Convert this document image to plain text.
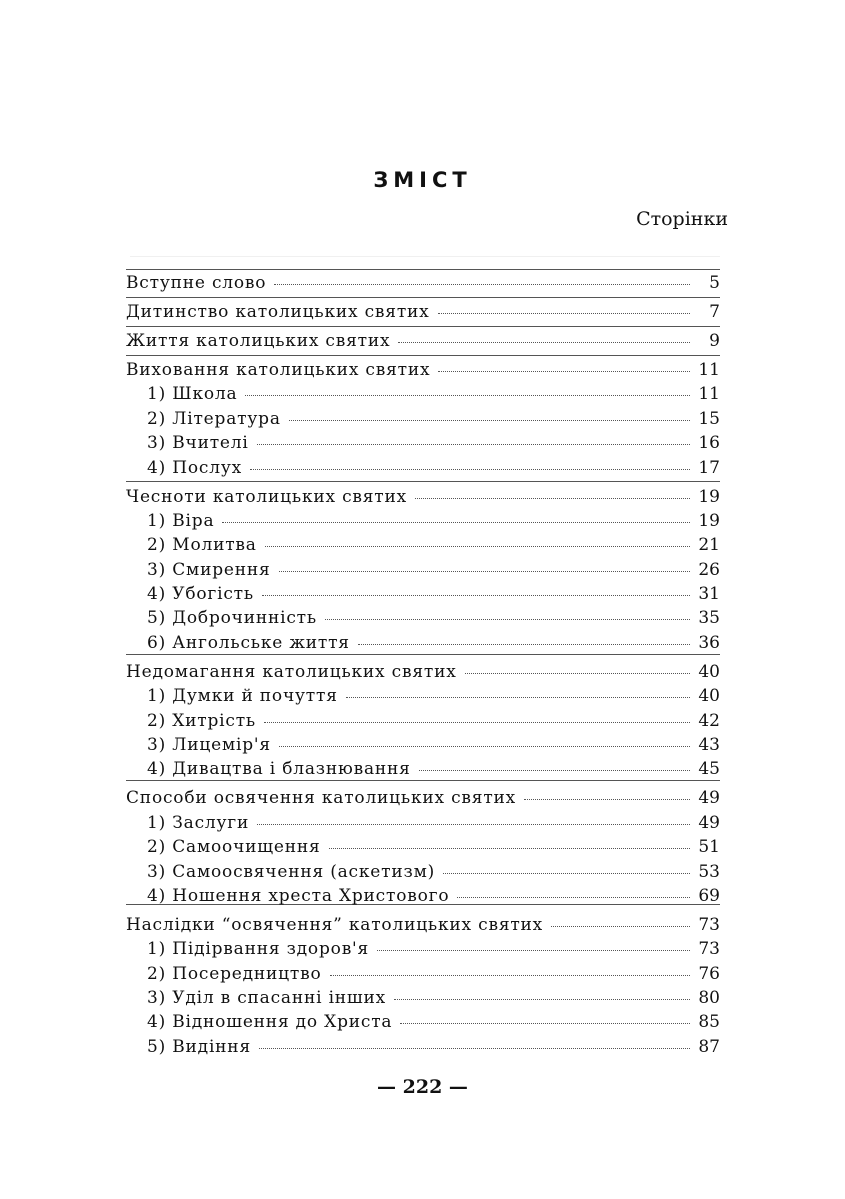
ЗМІСТ
Сторінки
Вступне слово	5
Дитинство католицьких святих	7
Життя католицьких святих	9
Виховання католицьких святих	11
1) Школа	11
2) Література	15
3) Вчителі	16
4) Послух	17
Чесноти католицьких святих	19
1) Віра	19
2) Молитва	21
3) Смирення	26
4) Убогість	31
5) Доброчинність	35
6) Ангольське життя	36
Недомагання католицьких святих	40
1) Думки й почуття	40
2) Хитрість	42
3) Лицемір'я	43
4) Дивацтва і блазнювання	45
Способи освячення католицьких святих	49
1) Заслуги	49
2) Самоочищення	51
3) Самоосвячення (аскетизм)	53
4) Ношення хреста Христового	69
Наслідки “освячення” католицьких святих	73
1) Підірвання здоров'я	73
2) Посередництво	76
3) Уділ в спасанні інших	80
4) Відношення до Христа	85
5) Видіння	87
— 222 —
